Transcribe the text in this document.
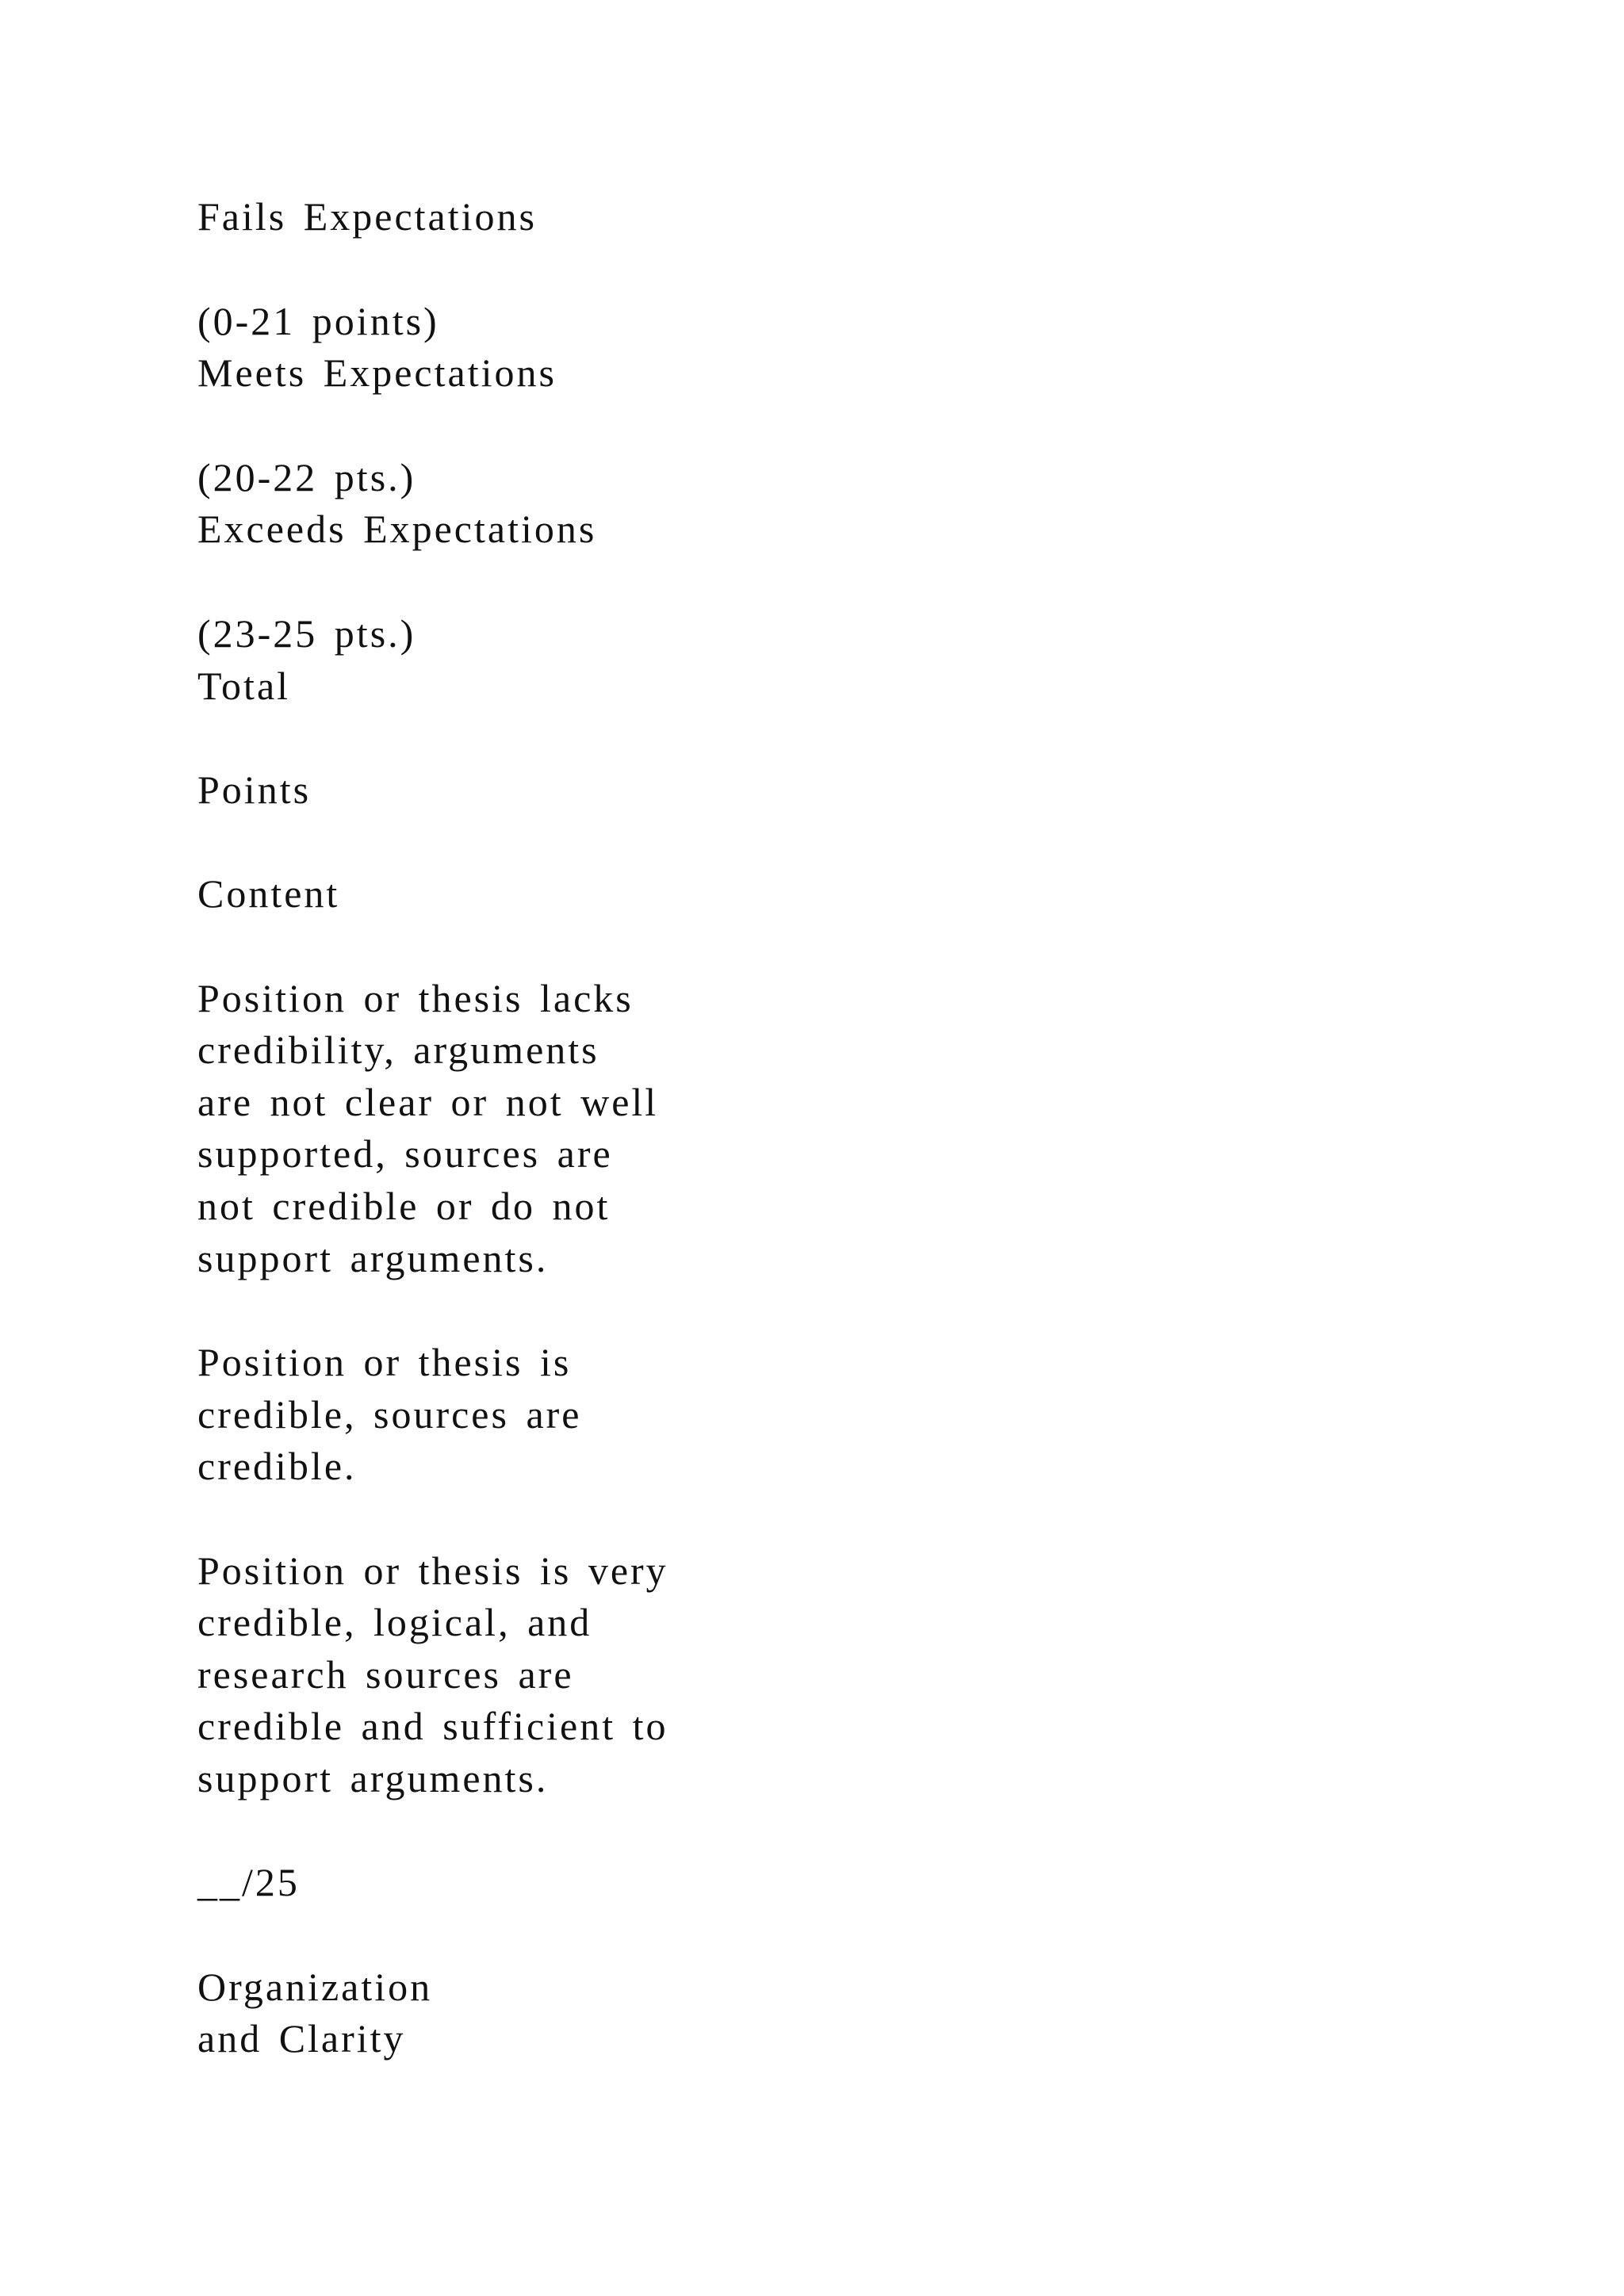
Fails Expectations
(0-21 points)
Meets Expectations
(20-22 pts.)
Exceeds Expectations
(23-25 pts.)
Total
Points
Content
Position or thesis lacks
credibility, arguments
are not clear or not well
supported, sources are
not credible or do not
support arguments.
Position or thesis is
credible, sources are
credible.
Position or thesis is very
credible, logical, and
research sources are
credible and sufficient to
support arguments.
__/25
Organization
and Clarity
